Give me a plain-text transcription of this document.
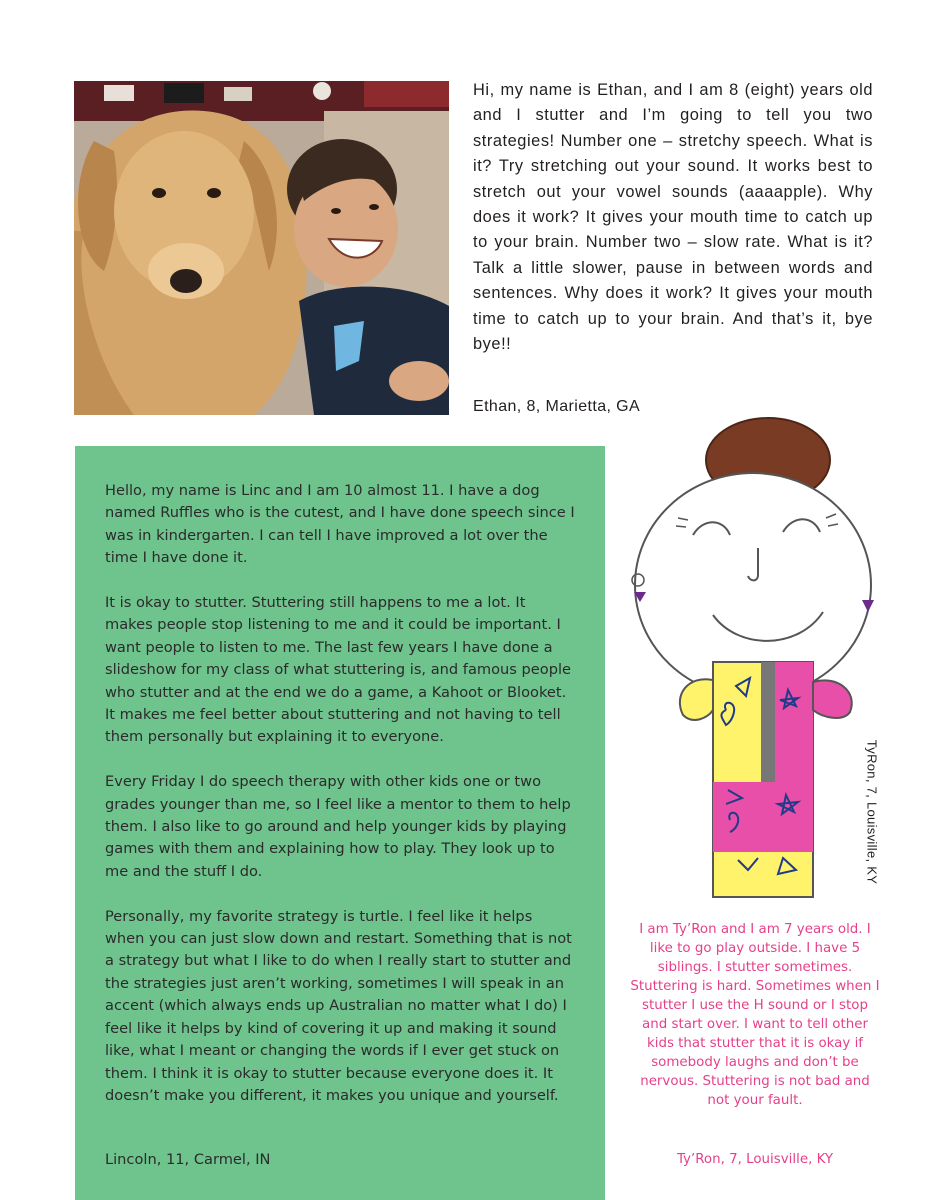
Hi, my name is Ethan, and I am 8 (eight) years old and I stutter and I’m going to tell you two strategies! Number one – stretchy speech. What is it? Try stretching out your sound. It works best to stretch out your vowel sounds (aaaapple). Why does it work? It gives your mouth time to catch up to your brain. Number two – slow rate. What is it? Talk a little slower, pause in between words and sentences. Why does it work? It gives your mouth time to catch up to your brain. And that’s it, bye bye!!

Ethan, 8, Marietta, GA

Hello, my name is Linc and I am 10 almost 11. I have a dog named Ruffles who is the cutest, and I have done speech since I was in kindergarten. I can tell I have improved a lot over the time I have done it.

It is okay to stutter. Stuttering still happens to me a lot. It makes people stop listening to me and it could be important. I want people to listen to me. The last few years I have done a slideshow for my class of what stuttering is, and famous people who stutter and at the end we do a game, a Kahoot or Blooket. It makes me feel better about stuttering and not having to tell them personally but explaining it to everyone.

Every Friday I do speech therapy with other kids one or two grades younger than me, so I feel like a mentor to them to help them. I also like to go around and help younger kids by playing games with them and explaining how to play. They look up to me and the stuff I do.

Personally, my favorite strategy is turtle. I feel like it helps when you can just slow down and restart. Something that is not a strategy but what I like to do when I really start to stutter and the strategies just aren’t working, sometimes I will speak in an accent (which always ends up Australian no matter what I do) I feel like it helps by kind of covering it up and making it sound like, what I meant or changing the words if I ever get stuck on them. I think it is okay to stutter because everyone does it. It doesn’t make you different, it makes you unique and yourself.

Lincoln, 11, Carmel, IN
TyRon, 7, Louisville, KY
I am Ty’Ron and I am 7 years old. I like to go play outside. I have 5 siblings. I stutter sometimes. Stuttering is hard. Sometimes when I stutter I use the H sound or I stop and start over. I want to tell other kids that stutter that it is okay if somebody laughs and don’t be nervous. Stuttering is not bad and not your fault.
Ty’Ron, 7, Louisville, KY
